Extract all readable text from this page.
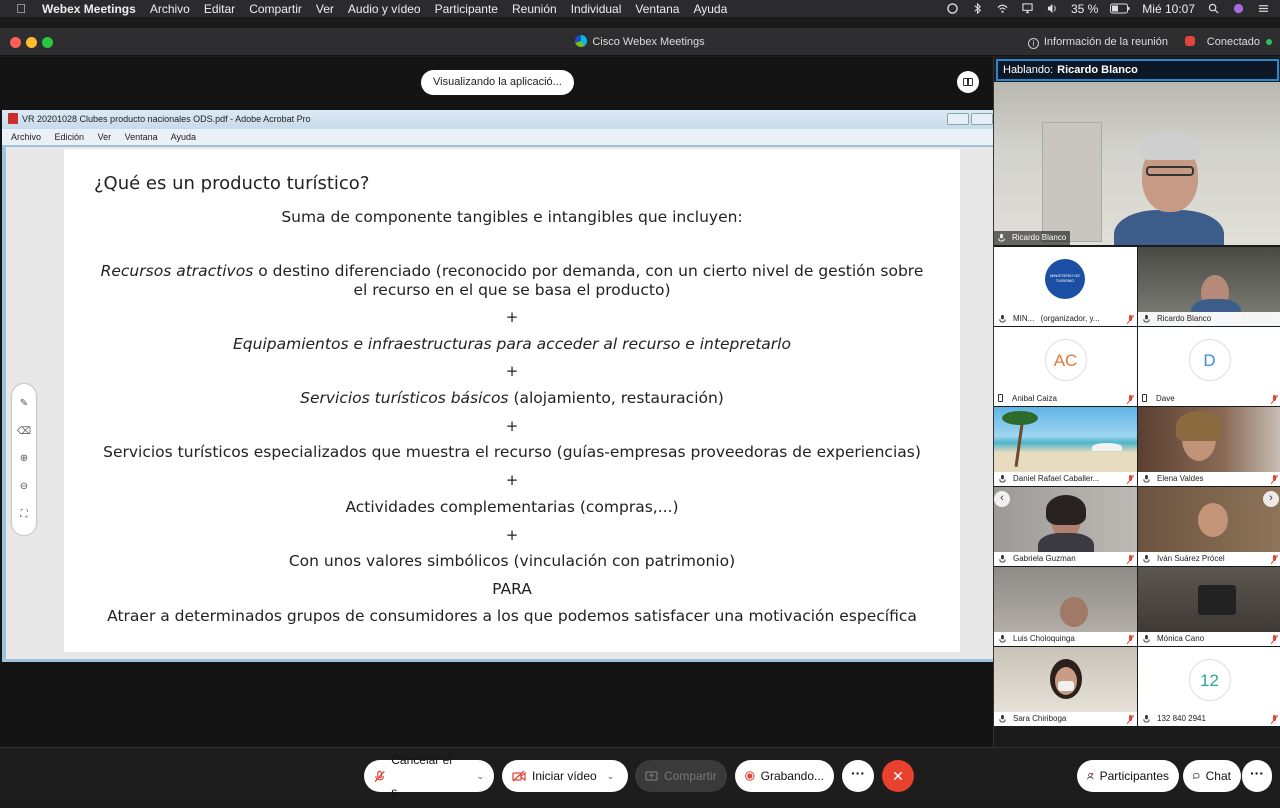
Webex Meetings Archivo Editar Compartir Ver Audio y vídeo Participante Reunión Individual Ventana Ayuda	35 %	Mié 10:07
Cisco Webex Meetings	i Información de la reunión	Conectado
Visualizando la aplicació...
VR 20201028 Clubes producto nacionales ODS.pdf - Adobe Acrobat Pro
Archivo Edición Ver Ventana Ayuda
¿Qué es un producto turístico?
Suma de componente tangibles e intangibles que incluyen:
Recursos atractivos o destino diferenciado (reconocido por demanda, con un cierto nivel de gestión sobre
el recurso en el que se basa el producto)
+
Equipamientos e infraestructuras para acceder al recurso e intepretarlo
+
Servicios turísticos básicos (alojamiento, restauración)
+
Servicios turísticos especializados que muestra el recurso (guías-empresas proveedoras de experiencias)
+
Actividades complementarias (compras,...)
+
Con unos valores simbólicos (vinculación con patrimonio)
PARA
Atraer a determinados grupos de consumidores a los que podemos satisfacer una motivación específica
✎
⌫
⊕
⊖
⛶
Hablando: Ricardo Blanco
Ricardo Blanco
MINISTERIO DE TURISMO
MIN... (organizador, y...	Ricardo Blanco
AC
Anibal Caiza
D
Dave
Daniel Rafael Caballer...	Elena Valdes
Gabriela Guzman
‹
Iván Suárez Prócel
›
Luis Choloquinga	Mónica Cano
Sara Chiriboga
12
132 840 2941
Cancelar el s...
⌄	Iniciar vídeo ⌄	Compartir	Grabando...	···	✕	Participantes	Chat	···
